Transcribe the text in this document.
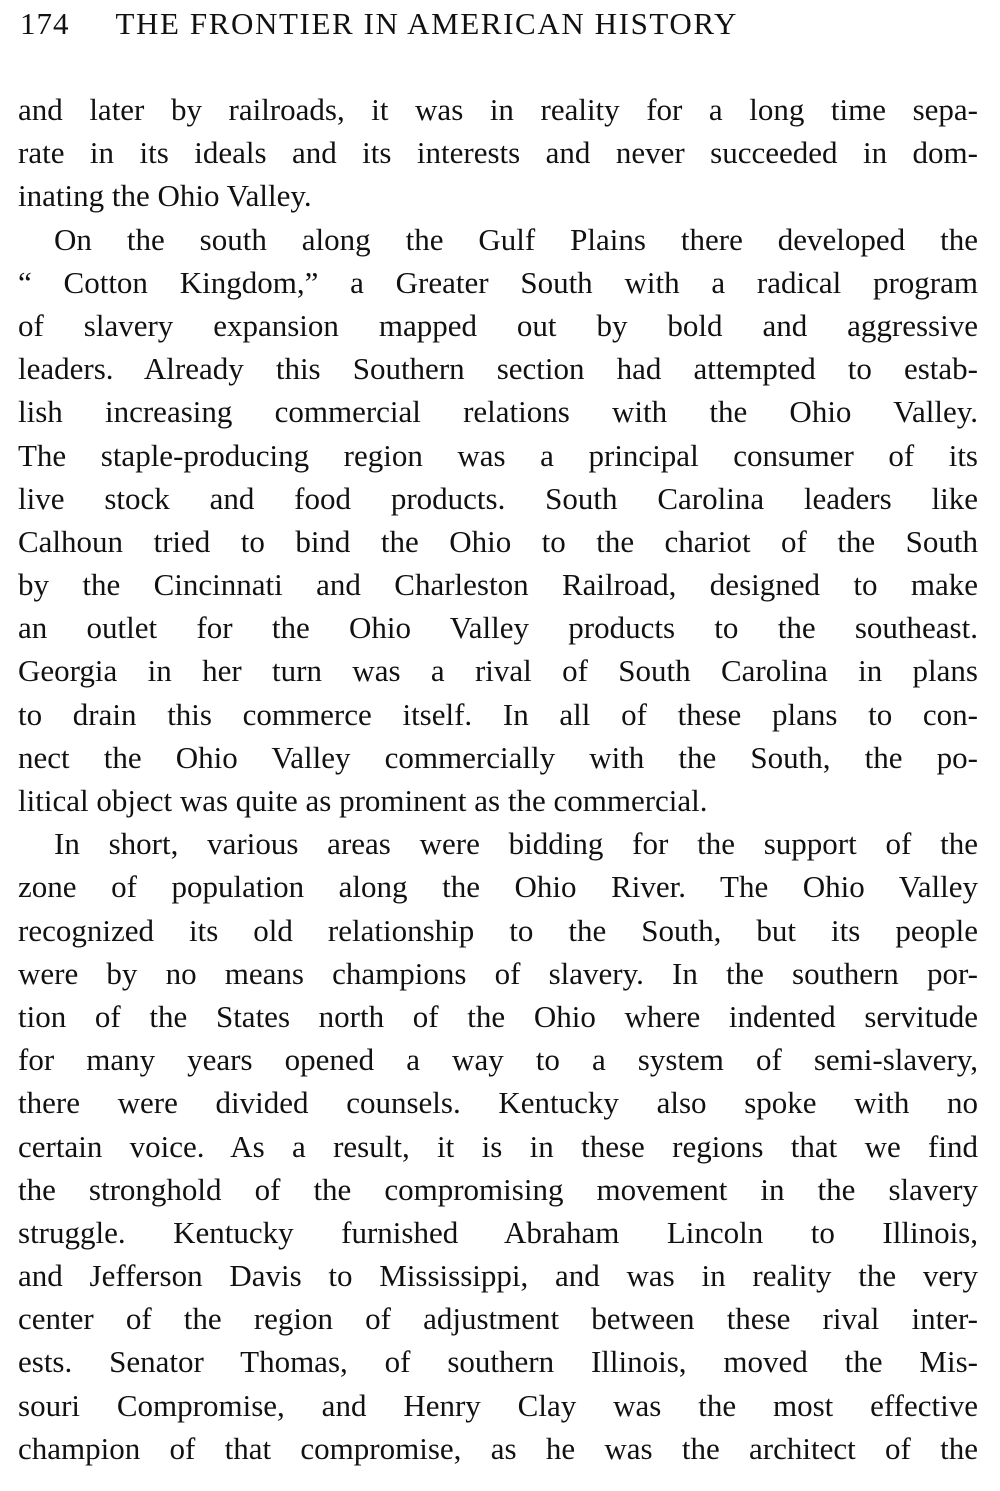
174 THE FRONTIER IN AMERICAN HISTORY
and later by railroads, it was in reality for a long time sepa-
rate in its ideals and its interests and never succeeded in dom-
inating the Ohio Valley.
On the south along the Gulf Plains there developed the
“ Cotton Kingdom,” a Greater South with a radical program
of slavery expansion mapped out by bold and aggressive
leaders. Already this Southern section had attempted to estab-
lish increasing commercial relations with the Ohio Valley.
The staple-producing region was a principal consumer of its
live stock and food products. South Carolina leaders like
Calhoun tried to bind the Ohio to the chariot of the South
by the Cincinnati and Charleston Railroad, designed to make
an outlet for the Ohio Valley products to the southeast.
Georgia in her turn was a rival of South Carolina in plans
to drain this commerce itself. In all of these plans to con-
nect the Ohio Valley commercially with the South, the po-
litical object was quite as prominent as the commercial.
In short, various areas were bidding for the support of the
zone of population along the Ohio River. The Ohio Valley
recognized its old relationship to the South, but its people
were by no means champions of slavery. In the southern por-
tion of the States north of the Ohio where indented servitude
for many years opened a way to a system of semi-slavery,
there were divided counsels. Kentucky also spoke with no
certain voice. As a result, it is in these regions that we find
the stronghold of the compromising movement in the slavery
struggle. Kentucky furnished Abraham Lincoln to Illinois,
and Jefferson Davis to Mississippi, and was in reality the very
center of the region of adjustment between these rival inter-
ests. Senator Thomas, of southern Illinois, moved the Mis-
souri Compromise, and Henry Clay was the most effective
champion of that compromise, as he was the architect of the
